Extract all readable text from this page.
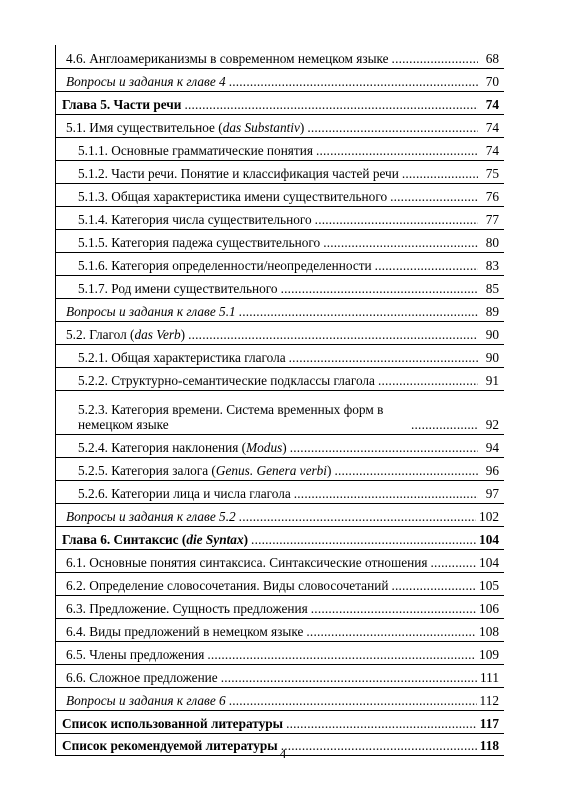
4.6. Англоамериканизмы в современном немецком языке .....	68
Вопросы и задания к главе 4 .....	70
Глава 5. Части речи .....	74
5.1. Имя существительное (das Substantiv) .....	74
5.1.1. Основные грамматические понятия .....	74
5.1.2. Части речи. Понятие и классификация частей речи .....	75
5.1.3. Общая характеристика имени существительного .....	76
5.1.4. Категория числа существительного .....	77
5.1.5. Категория падежа существительного .....	80
5.1.6. Категория определенности/неопределенности .....	83
5.1.7. Род имени существительного .....	85
Вопросы и задания к главе 5.1 .....	89
5.2. Глагол (das Verb) .....	90
5.2.1. Общая характеристика глагола .....	90
5.2.2. Структурно-семантические подклассы глагола .....	91
5.2.3. Категория времени. Система временных форм в немецком языке .....	92
5.2.4. Категория наклонения (Modus) .....	94
5.2.5. Категория залога (Genus. Genera verbi) .....	96
5.2.6. Категории лица и числа глагола .....	97
Вопросы и задания к главе 5.2 .....	102
Глава 6. Синтаксис (die Syntax) .....	104
6.1. Основные понятия синтаксиса. Синтаксические отношения .....	104
6.2. Определение словосочетания. Виды словосочетаний .....	105
6.3. Предложение. Сущность предложения .....	106
6.4. Виды предложений в немецком языке .....	108
6.5. Члены предложения .....	109
6.6. Сложное предложение .....	111
Вопросы и задания к главе 6 .....	112
Список использованной литературы .....	117
Список рекомендуемой литературы .....	118
4
